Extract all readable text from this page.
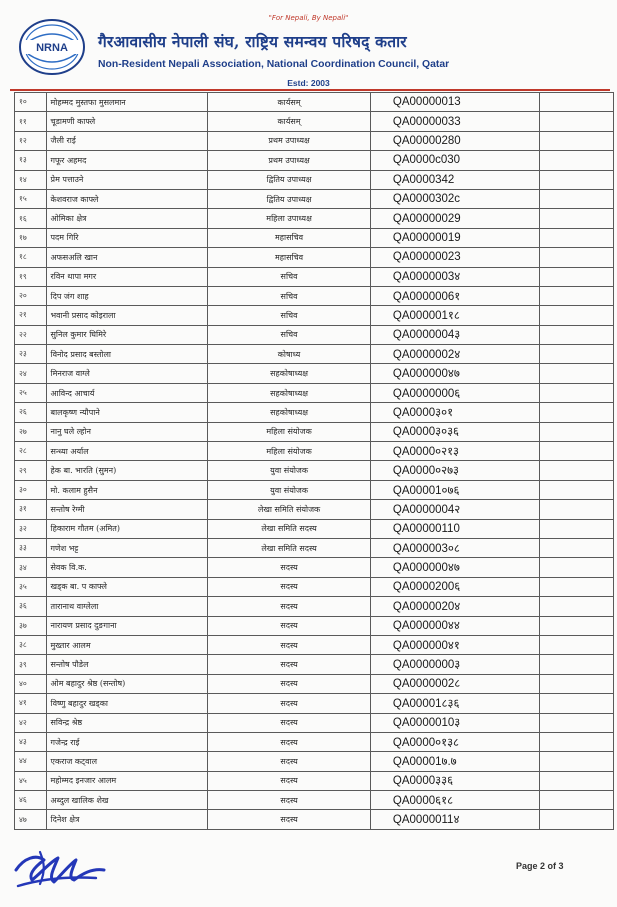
NRNA
"For Nepali, By Nepali"
गैरआवासीय नेपाली संघ, राष्ट्रिय समन्वय परिषद् कतार
Non-Resident Nepali Association, National Coordination Council, Qatar
Estd: 2003
१०	मोहम्मद मुस्तफा मुसलमान	कार्यसम्	QA00000013	
११	चूडामणी काफ्ले	कार्यसम्	QA00000033	
१२	जैली राई	प्रथम उपाध्यक्ष	QA00000280	
१३	गफूर अहमद	प्रथम उपाध्यक्ष	QA0000c030	
१४	प्रेम पत्ताउने	द्वितिय उपाध्यक्ष	QA0000342	
१५	केशवराज काफ्ले	द्वितिय उपाध्यक्ष	QA0000302c	
१६	ओमिका क्षेत्र	महिला उपाध्यक्ष	QA00000029	
१७	पदम गिरि	महासचिव	QA00000019	
१८	अफसअलि खान	महासचिव	QA00000023	
१९	रविन थापा मगर	सचिव	QA0000003४	
२०	दिप जंग शाह	सचिव	QA0000006१	
२१	भवानी प्रसाद कोइराला	सचिव	QA000001१८	
२२	सुनिल कुमार घिमिरे	सचिव	QA0000004३	
२३	विनोद प्रसाद बस्तोला	कोषाध्य	QA0000002४	
२४	मिनराज वाग्ले	सहकोषाध्यक्ष	QA000000४७	
२५	आविन्द आचार्य	सहकोषाध्यक्ष	QA0000000६	
२६	बालकृष्ण न्यौपाने	सहकोषाध्यक्ष	QA0000३०१	
२७	नानु घले ल्होन	महिला संयोजक	QA0000३०३६	
२८	सन्ध्या अर्याल	महिला संयोजक	QA0000०२१३	
२९	हेक बा. भारति (सुमन)	युवा संयोजक	QA0000०२७३	
३०	मो. कलाम हुसैन	युवा संयोजक	QA00001०७६	
३१	सन्तोष रेग्मी	लेखा समिति संयोजक	QA0000004२	
३२	हिकाराम गौतम (अमित)	लेखा समिति सदस्य	QA00000110	
३३	गणेश भट्ट	लेखा समिति सदस्य	QA000003०८	
३४	सेवक वि.क.	सदस्य	QA000000४७	
३५	खड्क बा. प काफ्ले	सदस्य	QA0000200६	
३६	तारानाथ वाग्लेला	सदस्य	QA0000020४	
३७	नारायण प्रसाद दुङगाना	सदस्य	QA000000४४	
३८	मुख्तार आलम	सदस्य	QA000000४१	
३९	सन्तोष पौडेल	सदस्य	QA0000000३	
४०	ओम बहादुर श्रेष्ठ (सन्तोष)	सदस्य	QA0000002८	
४१	विष्णु बहादुर खड्का	सदस्य	QA00001८३६	
४२	सविन्द्र श्रेष्ठ	सदस्य	QA0000010३	
४३	गजेन्द्र राई	सदस्य	QA0000०१३८	
४४	एकराज कट्वाल	सदस्य	QA00001७.७	
४५	महोम्मद इनजार आलम	सदस्य	QA0000३३६	
४६	अब्दुल खालिक शेख	सदस्य	QA0000६१८	
४७	दिनेश क्षेत्र	सदस्य	QA0000011४	
Page 2 of 3
